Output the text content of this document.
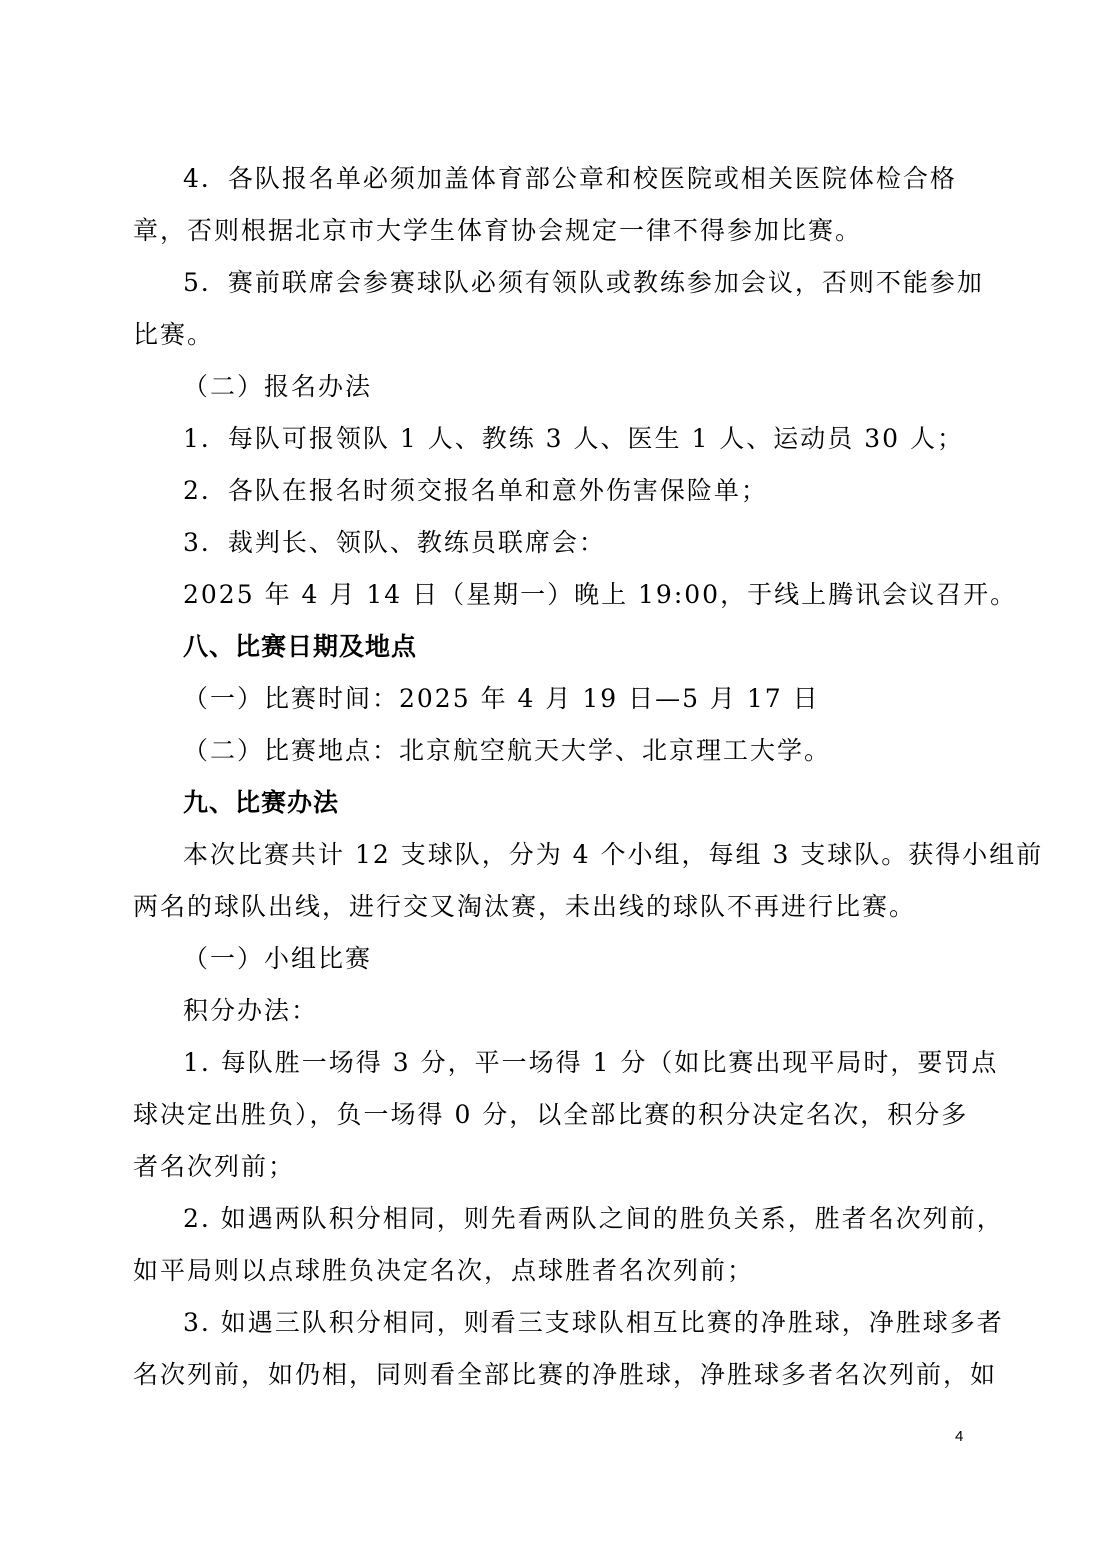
4．各队报名单必须加盖体育部公章和校医院或相关医院体检合格
章，否则根据北京市大学生体育协会规定一律不得参加比赛。
5．赛前联席会参赛球队必须有领队或教练参加会议，否则不能参加
比赛。
（二）报名办法
1．每队可报领队 1 人、教练 3 人、医生 1 人、运动员 30 人；
2．各队在报名时须交报名单和意外伤害保险单；
3．裁判长、领队、教练员联席会：
2025 年 4 月 14 日（星期一）晚上 19:00，于线上腾讯会议召开。
八、比赛日期及地点
（一）比赛时间：2025 年 4 月 19 日—5 月 17 日
（二）比赛地点：北京航空航天大学、北京理工大学。
九、比赛办法
本次比赛共计 12 支球队，分为 4 个小组，每组 3 支球队。获得小组前
两名的球队出线，进行交叉淘汰赛，未出线的球队不再进行比赛。
（一）小组比赛
积分办法：
1. 每队胜一场得 3 分，平一场得 1 分（如比赛出现平局时，要罚点
球决定出胜负），负一场得 0 分，以全部比赛的积分决定名次，积分多
者名次列前；
2. 如遇两队积分相同，则先看两队之间的胜负关系，胜者名次列前，
如平局则以点球胜负决定名次，点球胜者名次列前；
3. 如遇三队积分相同，则看三支球队相互比赛的净胜球，净胜球多者
名次列前，如仍相，同则看全部比赛的净胜球，净胜球多者名次列前，如
4
